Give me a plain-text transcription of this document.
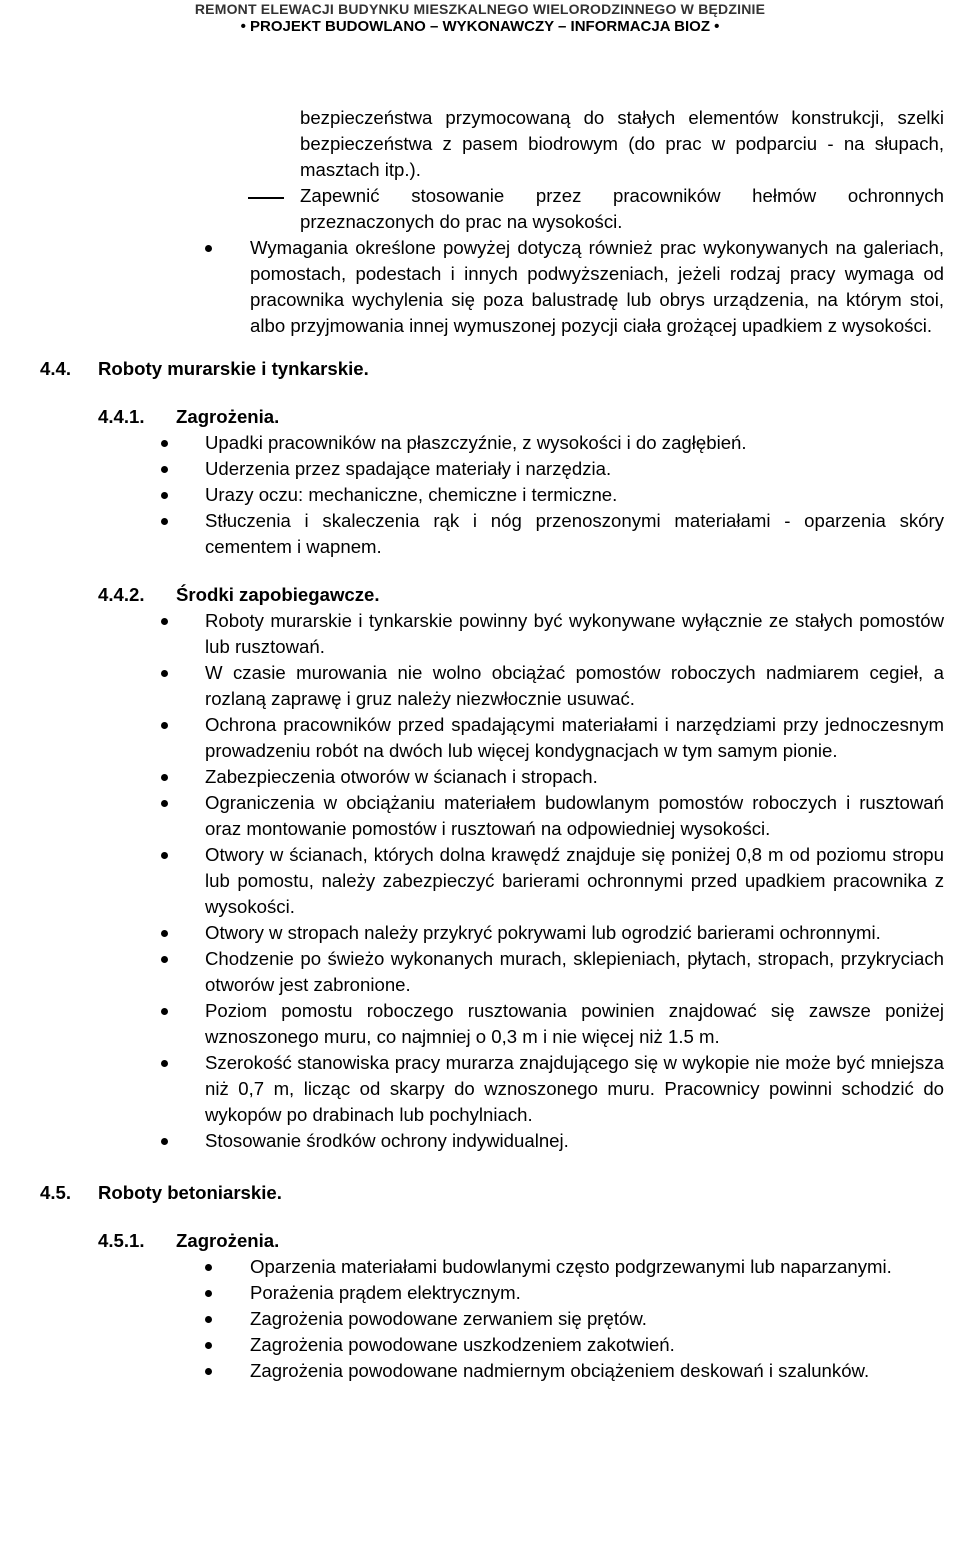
REMONT ELEWACJI BUDYNKU MIESZKALNEGO WIELORODZINNEGO W BĘDZINIE
• PROJEKT BUDOWLANO – WYKONAWCZY – INFORMACJA BIOZ •
bezpieczeństwa przymocowaną do stałych elementów konstrukcji, szelki bezpieczeństwa z pasem biodrowym (do prac w podparciu - na słupach, masztach itp.).
Zapewnić stosowanie przez pracowników hełmów ochronnych przeznaczonych do prac na wysokości.
Wymagania określone powyżej dotyczą również prac wykonywanych na galeriach, pomostach, podestach i innych podwyższeniach, jeżeli rodzaj pracy wymaga od pracownika wychylenia się poza balustradę lub obrys urządzenia, na którym stoi, albo przyjmowania innej wymuszonej pozycji ciała grożącej upadkiem z wysokości.
4.4. Roboty murarskie i tynkarskie.
4.4.1. Zagrożenia.
Upadki pracowników na płaszczyźnie, z wysokości i do zagłębień.
Uderzenia przez spadające materiały i narzędzia.
Urazy oczu: mechaniczne, chemiczne i termiczne.
Stłuczenia i skaleczenia rąk i nóg przenoszonymi materiałami - oparzenia skóry cementem i wapnem.
4.4.2. Środki zapobiegawcze.
Roboty murarskie i tynkarskie powinny być wykonywane wyłącznie ze stałych pomostów lub rusztowań.
W czasie murowania nie wolno obciążać pomostów roboczych nadmiarem cegieł, a rozlaną zaprawę i gruz należy niezwłocznie usuwać.
Ochrona pracowników przed spadającymi materiałami i narzędziami przy jednoczesnym prowadzeniu robót na dwóch lub więcej kondygnacjach w tym samym pionie.
Zabezpieczenia otworów w ścianach i stropach.
Ograniczenia w obciążaniu materiałem budowlanym pomostów roboczych i rusztowań oraz montowanie pomostów i rusztowań na odpowiedniej wysokości.
Otwory w ścianach, których dolna krawędź znajduje się poniżej 0,8 m od poziomu stropu lub pomostu, należy zabezpieczyć barierami ochronnymi przed upadkiem pracownika z wysokości.
Otwory w stropach należy przykryć pokrywami lub ogrodzić barierami ochronnymi.
Chodzenie po świeżo wykonanych murach, sklepieniach, płytach, stropach, przykryciach otworów jest zabronione.
Poziom pomostu roboczego rusztowania powinien znajdować się zawsze poniżej wznoszonego muru, co najmniej o 0,3 m i nie więcej niż 1.5 m.
Szerokość stanowiska pracy murarza znajdującego się w wykopie nie może być mniejsza niż 0,7 m, licząc od skarpy do wznoszonego muru. Pracownicy powinni schodzić do wykopów po drabinach lub pochylniach.
Stosowanie środków ochrony indywidualnej.
4.5. Roboty betoniarskie.
4.5.1. Zagrożenia.
Oparzenia materiałami budowlanymi często podgrzewanymi lub naparzanymi.
Porażenia prądem elektrycznym.
Zagrożenia powodowane zerwaniem się prętów.
Zagrożenia powodowane uszkodzeniem zakotwień.
Zagrożenia powodowane nadmiernym obciążeniem deskowań i szalunków.
